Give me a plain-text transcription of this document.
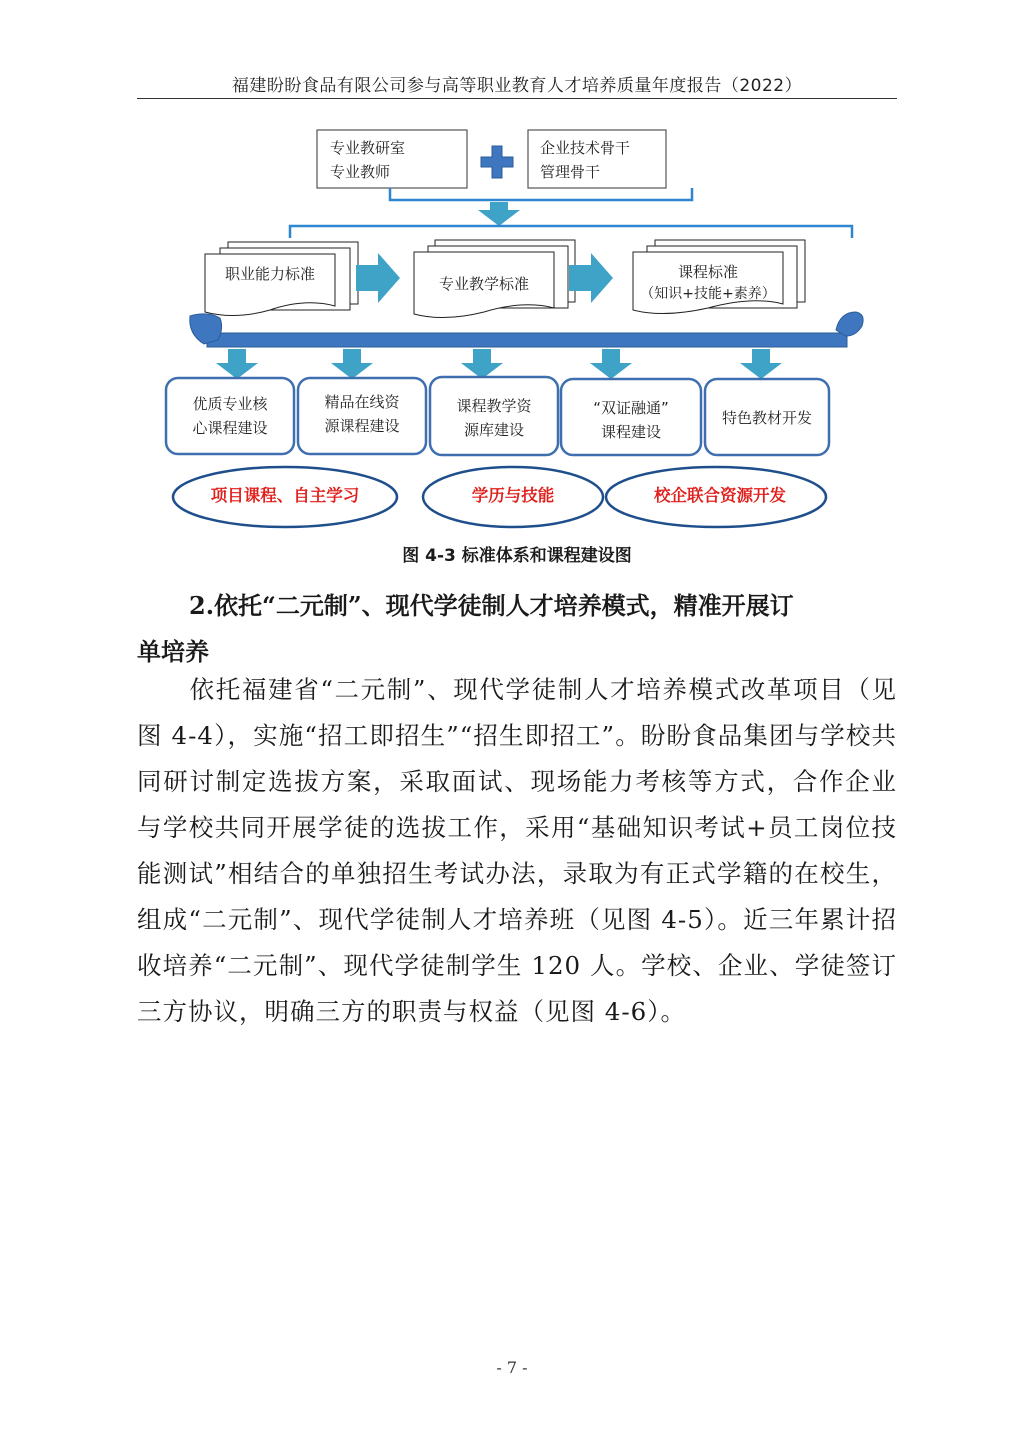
福建盼盼食品有限公司参与高等职业教育人才培养质量年度报告（2022）
专业教研室
专业教师
企业技术骨干
管理骨干
职业能力标准
专业教学标准
课程标准
（知识+技能+素养）
优质专业核
心课程建设
精品在线资
源课程建设
课程教学资
源库建设
“双证融通”
课程建设
特色教材开发
项目课程、自主学习	学历与技能	校企联合资源开发
图 4-3 标准体系和课程建设图
2.依托“二元制”、现代学徒制人才培养模式，精准开展订
单培养
依托福建省“二元制”、现代学徒制人才培养模式改革项目（见图 4-4），实施“招工即招生”“招生即招工”。盼盼食品集团与学校共同研讨制定选拔方案，采取面试、现场能力考核等方式，合作企业与学校共同开展学徒的选拔工作，采用“基础知识考试+员工岗位技能测试”相结合的单独招生考试办法，录取为有正式学籍的在校生，组成“二元制”、现代学徒制人才培养班（见图 4-5）。近三年累计招收培养“二元制”、现代学徒制学生 120 人。学校、企业、学徒签订三方协议，明确三方的职责与权益（见图 4-6）。
- 7 -
